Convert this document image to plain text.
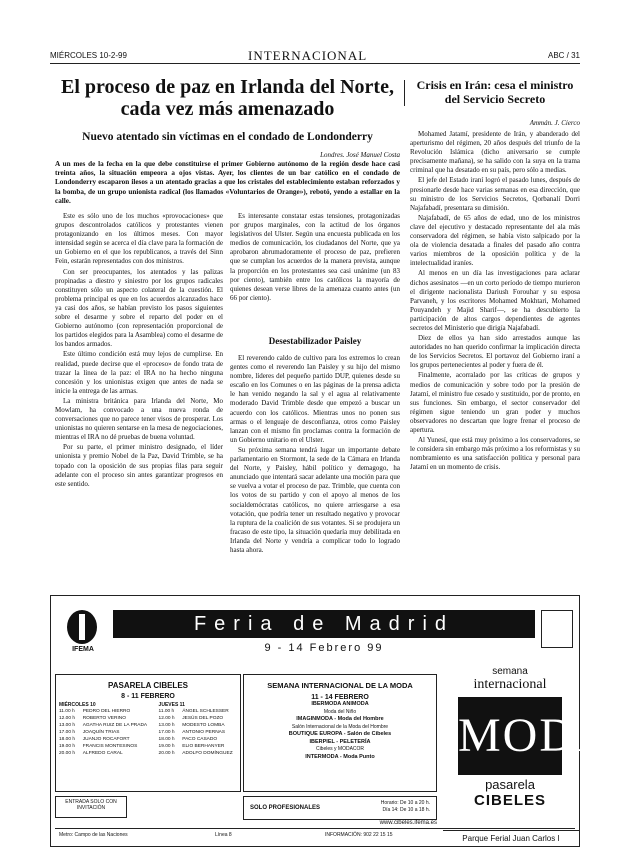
MIÉRCOLES 10-2-99	INTERNACIONAL	ABC / 31
El proceso de paz en Irlanda del Norte, cada vez más amenazado
Nuevo atentado sin víctimas en el condado de Londonderry
Londres. José Manuel Costa
A un mes de la fecha en la que debe constituirse el primer Gobierno autónomo de la región desde hace casi treinta años, la situación empeora a ojos vistas. Ayer, los clientes de un bar católico en el condado de Londonderry escaparon ilesos a un atentado gracias a que los cristales del establecimiento estaban reforzados y la bomba, de un grupo unionista radical (los llamados «Voluntarios de Orange»), rebotó, yendo a estallar en la calle.

Este es sólo uno de los muchos «provocaciones» que grupos descontrolados católicos y protestantes vienen protagonizando en los últimos meses. Con mayor intensidad según se acerca el día clave para la formación de un Gobierno en el que los republicanos, a través del Sinn Fein, estarán representados con dos ministros.

Con ser preocupantes, los atentados y las palizas propinadas a diestro y siniestro por los grupos radicales constituyen sólo un aspecto colateral de la cuestión. El problema principal es que en los acuerdos alcanzados hace ya casi dos años, se habían previsto los pasos siguientes sobre el desarme y sobre el reparto del poder en el Gobierno autónomo (con representación proporcional de los partidos elegidos para la Asamblea) como el desarme de los bandos armados.

Este último condición está muy lejos de cumplirse. En realidad, puede decirse que el «proceso» de fondo trata de trazar la línea de la paz: el IRA no ha hecho ninguna concesión y los unionistas exigen que antes de nada se inicie la entrega de las armas.

La ministra británica para Irlanda del Norte, Mo Mowlam, ha convocado a una nueva ronda de conversaciones que no parece tener visos de prosperar. Los unionistas no quieren sentarse en la mesa de negociaciones, mientras el IRA no dé pruebas de buena voluntad.

Por su parte, el primer ministro designado, el líder unionista y premio Nobel de la Paz, David Trimble, se ha topado con la oposición de sus propias filas para seguir adelante con el proceso sin antes garantizar progresos en este sentido.

Es interesante constatar estas tensiones, protagonizadas por grupos marginales, con la actitud de los órganos legislativos del Ulster. Según una encuesta publicada en los medios de comunicación, los ciudadanos del Norte, que ya aprobaron abrumadoramente el proceso de paz, prefieren que se cumplan los acuerdos de la manera prevista, aunque la proporción en los protestantes sea casi unánime (un 83 por ciento), también entre los católicos la mayoría de quienes desean verse libres de la amenaza cuanto antes (un 66 por ciento).

Desestabilizador Paisley

El reverendo caldo de cultivo para los extremos lo crean gentes como el reverendo Ian Paisley y su hijo del mismo nombre, líderes del pequeño partido DUP, quienes desde su escaño en los Comunes o en las páginas de la prensa adicta le han venido negando la sal y el agua al relativamente moderado David Trimble desde que empezó a buscar un acuerdo con los católicos. Mientras unos no ponen sus armas o el lenguaje de desconfianza, otros como Paisley lanzan con el mismo fin proclamas contra la formación de un Gobierno unitario en el Ulster.

Su próxima semana tendrá lugar un importante debate parlamentario en Stormont, la sede de la Cámara en Irlanda del Norte, y Paisley, hábil político y demagogo, ha anunciado que intentará sacar adelante una moción para que se vuelva a votar el proceso de paz. Trimble, que cuenta con los votos de su partido y con el apoyo al menos de los socialdemócratas católicos, no quiere arriesgarse a esa votación, que podría tener un resultado negativo y provocar la ruptura de la coalición de sus votantes. Si se produjera un fracaso de este tipo, la situación quedaría muy debilitada en Irlanda del Norte y vendría a complicar todo lo logrado hasta ahora.

Crisis en Irán: cesa el ministro del Servicio Secreto
Ammán. J. Cierco

Mohamed Jatamí, presidente de Irán, y abanderado del aperturismo del régimen, 20 años después del triunfo de la Revolución Islámica (dicho aniversario se cumple precisamente mañana), se ha salido con la suya en la trama criminal que ha desatado en su país, pero sólo a medias.

El jefe del Estado iraní logró el pasado lunes, después de presionarle desde hace varias semanas en esa dirección, que su ministro de los Servicios Secretos, Qorbanalí Dorri Najafabadí, presentara su dimisión.

Najafabadí, de 65 años de edad, uno de los ministros clave del ejecutivo y destacado representante del ala más conservadora del régimen, se había visto salpicado por la ola de violencia desatada a finales del pasado año contra varios miembros de la oposición política y de la intelectualidad iraníes.

Al menos en un día las investigaciones para aclarar dichos asesinatos —en un corto período de tiempo murieron el dirigente nacionalista Dariush Forouhar y su esposa Parvaneh, y los escritores Mohamed Mokhtari, Mohamed Pouyandeh y Majid Sharif—, se ha descubierto la participación de altos cargos dependientes de agentes secretos del Ministerio que dirigía Najafabadí.

Diez de ellos ya han sido arrestados aunque las autoridades no han querido confirmar la implicación directa de los Servicios Secretos. El portavoz del Gobierno iraní a los grupos pertenecientes al poder y fuera de él.

Finalmente, acorralado por las críticas de grupos y medios de comunicación y sobre todo por la presión de Jatamí, el ministro fue cesado y sustituido, por de pronto, en sus funciones. Sin embargo, el sector conservador del régimen sigue teniendo un gran poder y muchos observadores no descartan que logre frenar el proceso de apertura.

Al Yunesí, que está muy próximo a los conservadores, se le considera sin embargo más próximo a los reformistas y su nombramiento es una satisfacción política y personal para Jatamí en un momento de crisis.

IFEMA
Feria de Madrid
9 - 14 Febrero 99
PASARELA CIBELES
8 - 11 FEBRERO
MIÉRCOLES 10		JUEVES 11	
11.00 h	PEDRO DEL HIERRO	11.00 h	ÁNGEL SCHLESSER
12.00 h	ROBERTO VERINO	12.00 h	JESÚS DEL POZO
13.00 h	AGATHA RUIZ DE LA PRADA	13.00 h	MODESTO LOMBA
17.00 h	JOAQUÍN TRIAS	17.00 h	ANTONIO PERNAS
18.00 h	JUANJO ROCAFORT	18.00 h	PACO CASADO
19.00 h	FRANCIS MONTESINOS	19.00 h	ELIO BERHANYER
20.00 h	ALFREDO CARAL	20.00 h	ADOLFO DOMÍNGUEZ
ENTRADA SOLO CON INVITACIÓN
SEMANA INTERNACIONAL DE LA MODA
11 - 14 FEBRERO
IBERMODA ANIMODA
Moda del Niño
IMAGINMODA - Moda del Hombre
Salón Internacional de la Moda del Hombre
BOUTIQUE EUROPA - Salón de Cibeles
IBERPIEL - PELETERÍA
Cibeles y MODACOR
INTERMODA - Moda Punto
SOLO PROFESIONALES
Horario: De 10 a 20 h.
Día 14: De 10 a 18 h.
semana
internacional
MODA
pasarela
CIBELES
www.cibeles.ifema.es
Metro: Campo de las Naciones	Línea 8	INFORMACIÓN: 902 22 15 15	Parque Ferial Juan Carlos I
